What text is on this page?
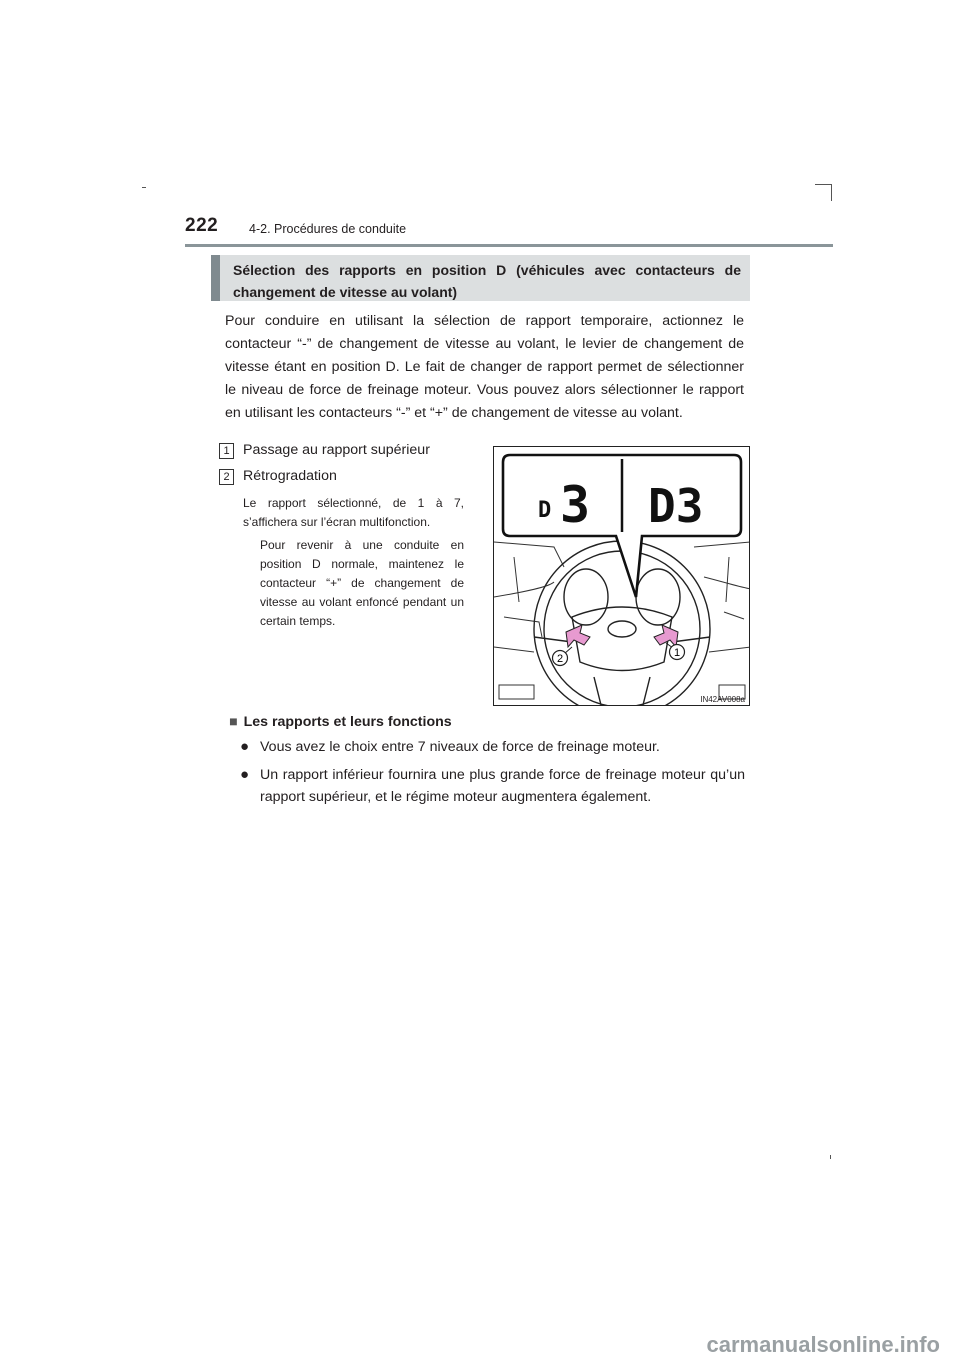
222 4-2. Procédures de conduite
Sélection des rapports en position D (véhicules avec contacteurs de changement de vitesse au volant)

Pour conduire en utilisant la sélection de rapport temporaire, actionnez le contacteur “-” de changement de vitesse au volant, le levier de changement de vitesse étant en position D. Le fait de changer de rapport permet de sélectionner le niveau de force de freinage moteur. Vous pouvez alors sélectionner le rapport en utilisant les contacteurs “-” et “+” de changement de vitesse au volant.

1 Passage au rapport supérieur
2 Rétrogradation

Le rapport sélectionné, de 1 à 7, s’affichera sur l’écran multifonction.

Pour revenir à une conduite en position D normale, maintenez le contacteur “+” de changement de vitesse au volant enfoncé pendant un certain temps.

2	1
D 3 D3
IN42AV008a
■ Les rapports et leurs fonctions
● Vous avez le choix entre 7 niveaux de force de freinage moteur.
● Un rapport inférieur fournira une plus grande force de freinage moteur qu’un rapport supérieur, et le régime moteur augmentera également.
carmanualsonline.info
